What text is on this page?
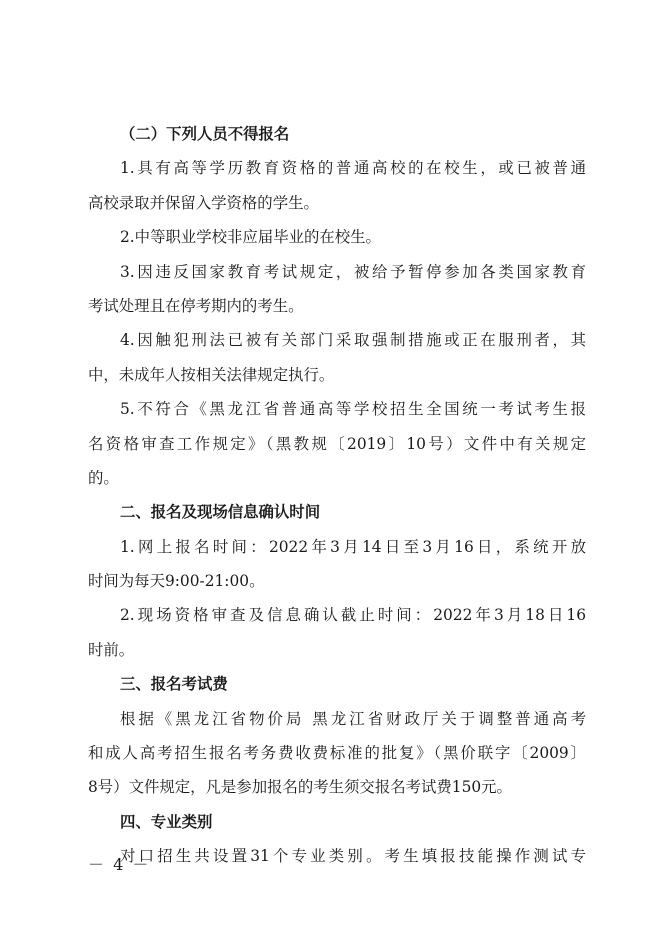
（二）下列人员不得报名
1.具有高等学历教育资格的普通高校的在校生，或已被普通
高校录取并保留入学资格的学生。
2.中等职业学校非应届毕业的在校生。
3.因违反国家教育考试规定，被给予暂停参加各类国家教育
考试处理且在停考期内的考生。
4.因触犯刑法已被有关部门采取强制措施或正在服刑者，其
中，未成年人按相关法律规定执行。
5.不符合《黑龙江省普通高等学校招生全国统一考试考生报
名资格审查工作规定》（黑教规〔2019〕10号）文件中有关规定
的。
二、报名及现场信息确认时间
1.网上报名时间：2022年3月14日至3月16日，系统开放
时间为每天9:00-21:00。
2.现场资格审查及信息确认截止时间：2022年3月18日16
时前。
三、报名考试费
根据《黑龙江省物价局 黑龙江省财政厅关于调整普通高考
和成人高考招生报名考务费收费标准的批复》（黑价联字〔2009〕
8号）文件规定，凡是参加报名的考生须交报名考试费150元。
四、专业类别
对口招生共设置31个专业类别。考生填报技能操作测试专
－ 4 －
